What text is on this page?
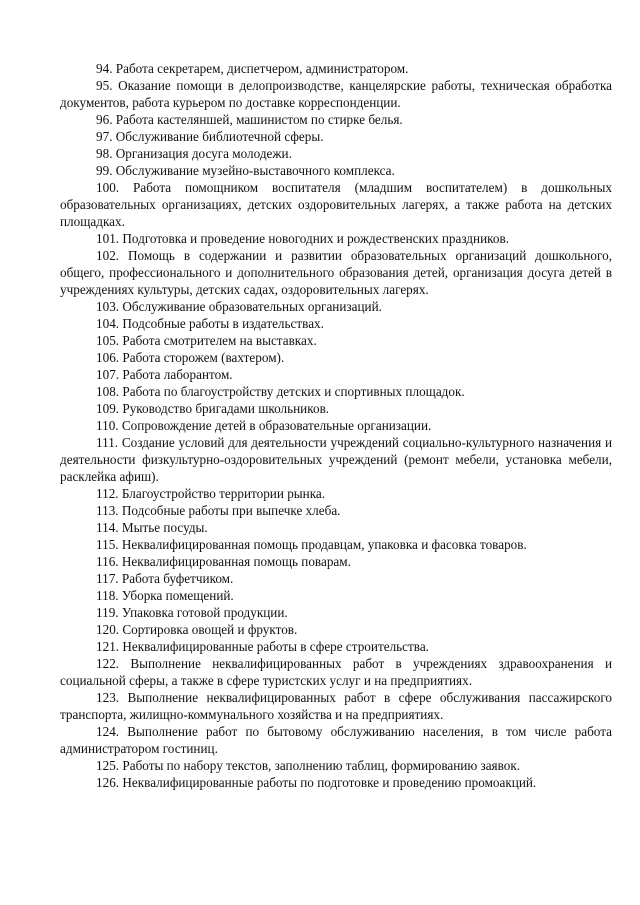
94. Работа секретарем, диспетчером, администратором.

95. Оказание помощи в делопроизводстве, канцелярские работы, техническая обработка документов, работа курьером по доставке корреспонденции.

96. Работа кастеляншей, машинистом по стирке белья.

97. Обслуживание библиотечной сферы.

98. Организация досуга молодежи.

99. Обслуживание музейно-выставочного комплекса.

100. Работа помощником воспитателя (младшим воспитателем) в дошкольных образовательных организациях, детских оздоровительных лагерях, а также работа на детских площадках.

101. Подготовка и проведение новогодних и рождественских праздников.

102. Помощь в содержании и развитии образовательных организаций дошкольного, общего, профессионального и дополнительного образования детей, организация досуга детей в учреждениях культуры, детских садах, оздоровительных лагерях.

103. Обслуживание образовательных организаций.

104. Подсобные работы в издательствах.

105. Работа смотрителем на выставках.

106. Работа сторожем (вахтером).

107. Работа лаборантом.

108. Работа по благоустройству детских и спортивных площадок.

109. Руководство бригадами школьников.

110. Сопровождение детей в образовательные организации.

111. Создание условий для деятельности учреждений социально-культурного назначения и деятельности физкультурно-оздоровительных учреждений (ремонт мебели, установка мебели, расклейка афиш).

112. Благоустройство территории рынка.

113. Подсобные работы при выпечке хлеба.

114. Мытье посуды.

115. Неквалифицированная помощь продавцам, упаковка и фасовка товаров.

116. Неквалифицированная помощь поварам.

117. Работа буфетчиком.

118. Уборка помещений.

119. Упаковка готовой продукции.

120. Сортировка овощей и фруктов.

121. Неквалифицированные работы в сфере строительства.

122. Выполнение неквалифицированных работ в учреждениях здравоохранения и социальной сферы, а также в сфере туристских услуг и на предприятиях.

123. Выполнение неквалифицированных работ в сфере обслуживания пассажирского транспорта, жилищно-коммунального хозяйства и на предприятиях.

124. Выполнение работ по бытовому обслуживанию населения, в том числе работа администратором гостиниц.

125. Работы по набору текстов, заполнению таблиц, формированию заявок.

126. Неквалифицированные работы по подготовке и проведению промоакций.
